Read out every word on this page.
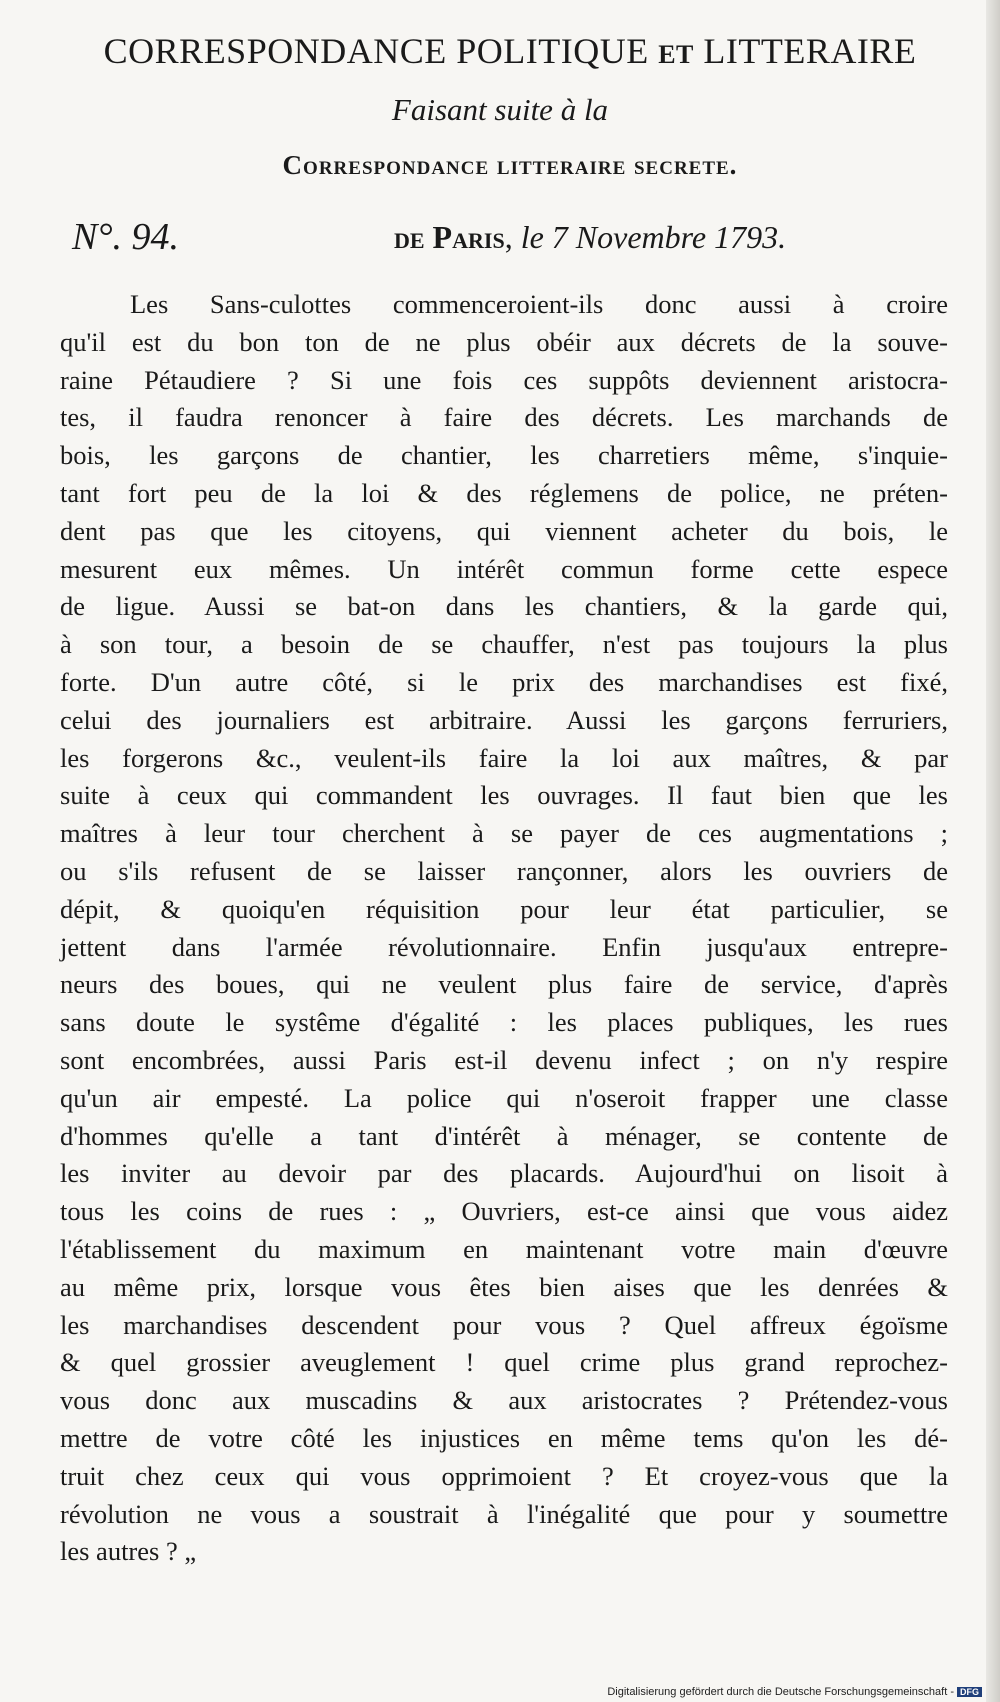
CORRESPONDANCE POLITIQUE ET LITTERAIRE
Faisant suite à la
Correspondance litteraire secrete.
N°. 94.	de Paris, le 7 Novembre 1793.
Les Sans-culottes commenceroient-ils donc aussi à croire
qu'il est du bon ton de ne plus obéir aux décrets de la souve-
raine Pétaudiere ? Si une fois ces suppôts deviennent aristocra-
tes, il faudra renoncer à faire des décrets. Les marchands de
bois, les garçons de chantier, les charretiers même, s'inquie-
tant fort peu de la loi & des réglemens de police, ne préten-
dent pas que les citoyens, qui viennent acheter du bois, le
mesurent eux mêmes. Un intérêt commun forme cette espece
de ligue. Aussi se bat-on dans les chantiers, & la garde qui,
à son tour, a besoin de se chauffer, n'est pas toujours la plus
forte. D'un autre côté, si le prix des marchandises est fixé,
celui des journaliers est arbitraire. Aussi les garçons ferruriers,
les forgerons &c., veulent-ils faire la loi aux maîtres, & par
suite à ceux qui commandent les ouvrages. Il faut bien que les
maîtres à leur tour cherchent à se payer de ces augmentations ;
ou s'ils refusent de se laisser rançonner, alors les ouvriers de
dépit, & quoiqu'en réquisition pour leur état particulier, se
jettent dans l'armée révolutionnaire. Enfin jusqu'aux entrepre-
neurs des boues, qui ne veulent plus faire de service, d'après
sans doute le systême d'égalité : les places publiques, les rues
sont encombrées, aussi Paris est-il devenu infect ; on n'y respire
qu'un air empesté. La police qui n'oseroit frapper une classe
d'hommes qu'elle a tant d'intérêt à ménager, se contente de
les inviter au devoir par des placards. Aujourd'hui on lisoit à
tous les coins de rues : „ Ouvriers, est-ce ainsi que vous aidez
l'établissement du maximum en maintenant votre main d'œuvre
au même prix, lorsque vous êtes bien aises que les denrées &
les marchandises descendent pour vous ? Quel affreux égoïsme
& quel grossier aveuglement ! quel crime plus grand reprochez-
vous donc aux muscadins & aux aristocrates ? Prétendez-vous
mettre de votre côté les injustices en même tems qu'on les dé-
truit chez ceux qui vous opprimoient ? Et croyez-vous que la
révolution ne vous a soustrait à l'inégalité que pour y soumettre
les autres ? „
Digitalisierung gefördert durch die Deutsche Forschungsgemeinschaft - DFG
